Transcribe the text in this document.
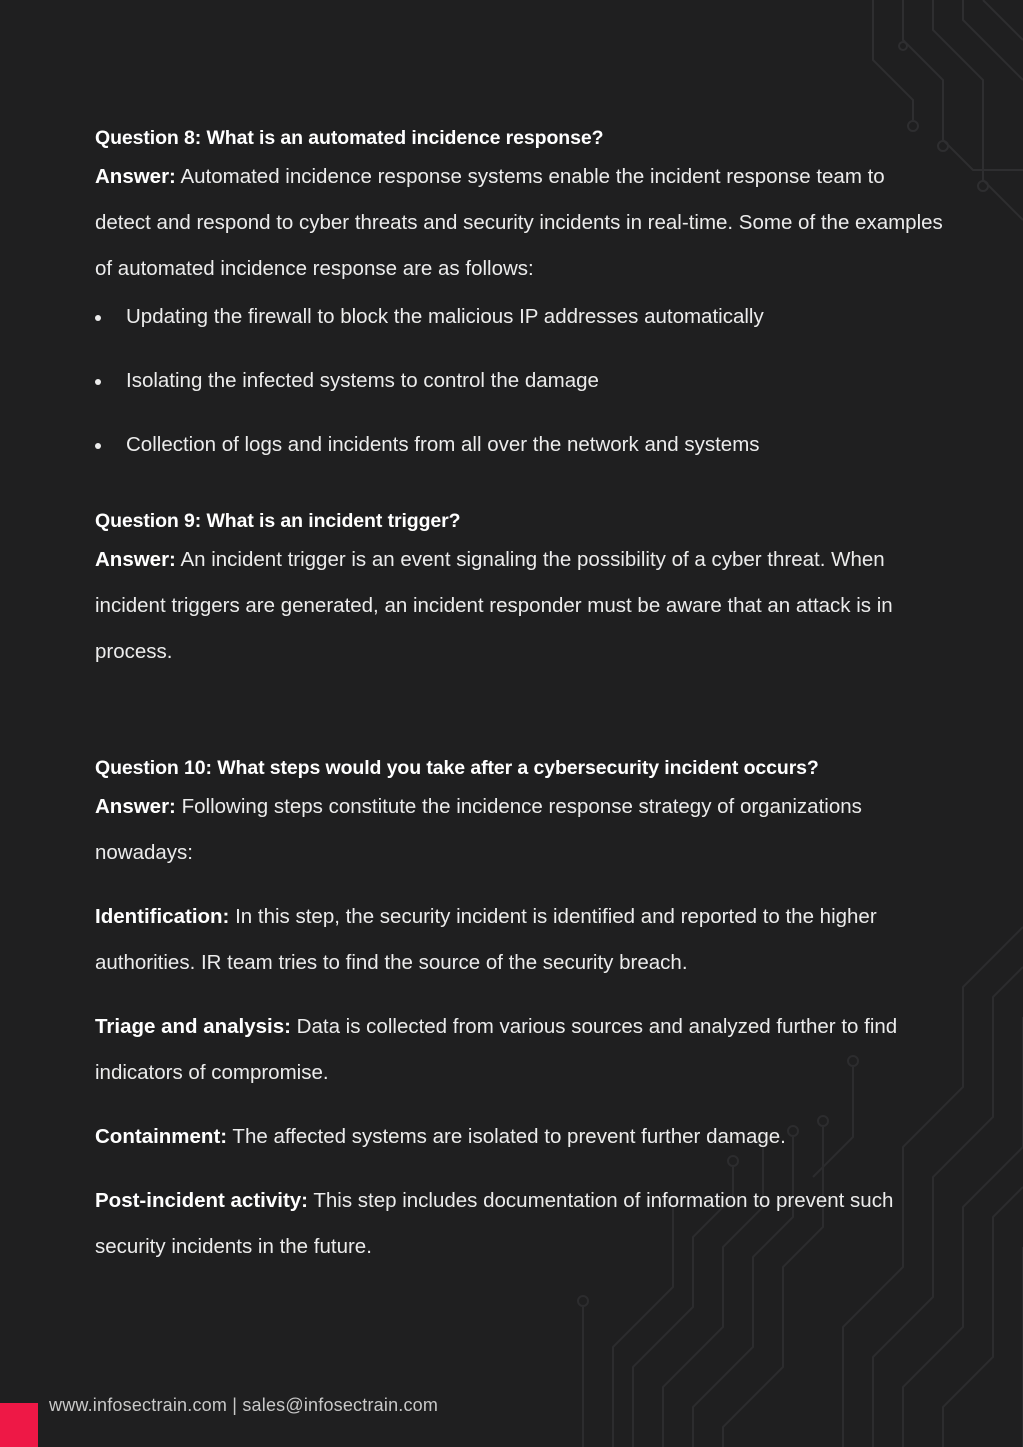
Question 8: What is an automated incidence response?

Answer: Automated incidence response systems enable the incident response team to detect and respond to cyber threats and security incidents in real-time. Some of the examples of automated incidence response are as follows:

Updating the firewall to block the malicious IP addresses automatically
Isolating the infected systems to control the damage
Collection of logs and incidents from all over the network and systems

Question 9: What is an incident trigger?

Answer: An incident trigger is an event signaling the possibility of a cyber threat. When incident triggers are generated, an incident responder must be aware that an attack is in process.

Question 10: What steps would you take after a cybersecurity incident occurs?

Answer: Following steps constitute the incidence response strategy of organizations nowadays:

Identification: In this step, the security incident is identified and reported to the higher authorities. IR team tries to find the source of the security breach.

Triage and analysis: Data is collected from various sources and analyzed further to find indicators of compromise.

Containment: The affected systems are isolated to prevent further damage.

Post-incident activity: This step includes documentation of information to prevent such security incidents in the future.

www.infosectrain.com | sales@infosectrain.com
